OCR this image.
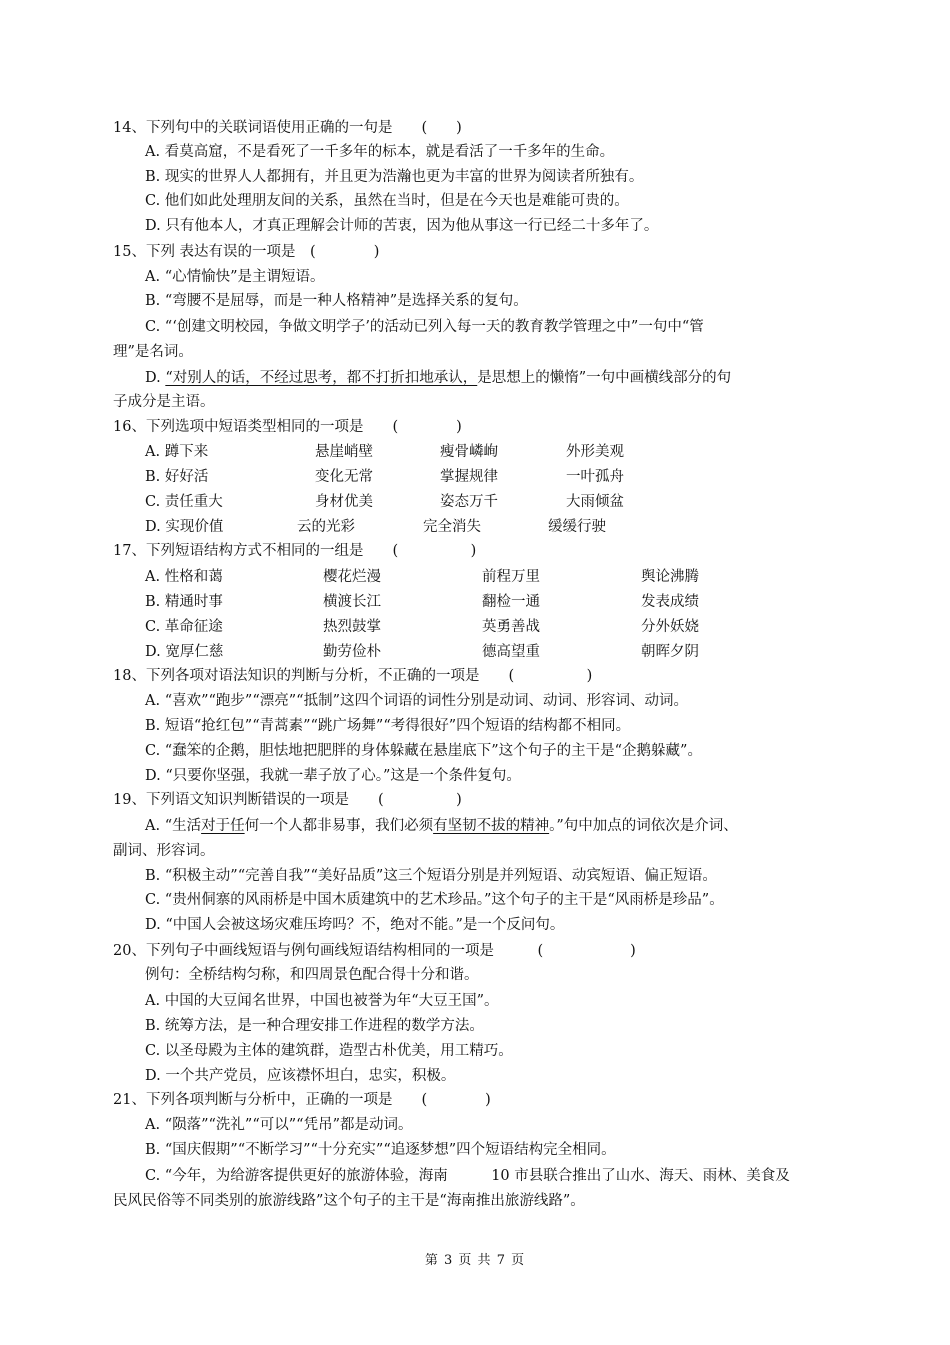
14、下列句中的关联词语使用正确的一句是　　(　　)
A. 看莫高窟，不是看死了一千多年的标本，就是看活了一千多年的生命。
B. 现实的世界人人都拥有，并且更为浩瀚也更为丰富的世界为阅读者所独有。
C. 他们如此处理朋友间的关系，虽然在当时，但是在今天也是难能可贵的。
D. 只有他本人，才真正理解会计师的苦衷，因为他从事这一行已经二十多年了。
15、下列 表达有误的一项是　(　　　　)
A. “心情愉快”是主谓短语。
B. “弯腰不是屈辱，而是一种人格精神”是选择关系的复句。
C. “‘创建文明校园，争做文明学子’的活动已列入每一天的教育教学管理之中”一句中“管
理”是名词。
D. “对别人的话，不经过思考，都不打折扣地承认，是思想上的懒惰”一句中画横线部分的句
子成分是主语。
16、下列选项中短语类型相同的一项是　　(　　　　)
A. 蹲下来	悬崖峭壁	瘦骨嶙峋	外形美观
B. 好好活	变化无常	掌握规律	一叶孤舟
C. 责任重大	身材优美	姿态万千	大雨倾盆
D. 实现价值	云的光彩	完全消失	缓缓行驶
17、下列短语结构方式不相同的一组是　　(　　　　　)
A. 性格和蔼	樱花烂漫	前程万里	舆论沸腾
B. 精通时事	横渡长江	翻检一通	发表成绩
C. 革命征途	热烈鼓掌	英勇善战	分外妖娆
D. 宽厚仁慈	勤劳俭朴	德高望重	朝晖夕阴
18、下列各项对语法知识的判断与分析，不正确的一项是　　(　　　　　)
A. “喜欢”“跑步”“漂亮”“抵制”这四个词语的词性分别是动词、动词、形容词、动词。
B. 短语“抢红包”“青蒿素”“跳广场舞”“考得很好”四个短语的结构都不相同。
C. “蠢笨的企鹅，胆怯地把肥胖的身体躲藏在悬崖底下”这个句子的主干是“企鹅躲藏”。
D. “只要你坚强，我就一辈子放了心。”这是一个条件复句。
19、下列语文知识判断错误的一项是　　(　　　　　)
A. “生活对于任何一个人都非易事，我们必须有坚韧不拔的精神。”句中加点的词依次是介词、
副词、形容词。
B. “积极主动”“完善自我”“美好品质”这三个短语分别是并列短语、动宾短语、偏正短语。
C. “贵州侗寨的风雨桥是中国木质建筑中的艺术珍品。”这个句子的主干是“风雨桥是珍品”。
D. “中国人会被这场灾难压垮吗？不，绝对不能。”是一个反问句。
20、下列句子中画线短语与例句画线短语结构相同的一项是　　　(　　　　　　)
例句：全桥结构匀称，和四周景色配合得十分和谐。
A. 中国的大豆闻名世界，中国也被誉为年“大豆王国”。
B. 统筹方法，是一种合理安排工作进程的数学方法。
C. 以圣母殿为主体的建筑群，造型古朴优美，用工精巧。
D. 一个共产党员，应该襟怀坦白，忠实，积极。
21、下列各项判断与分析中，正确的一项是　　(　　　　)
A. “陨落”“洗礼”“可以”“凭吊”都是动词。
B. “国庆假期”“不断学习”“十分充实”“追逐梦想”四个短语结构完全相同。
C. “今年，为给游客提供更好的旅游体验，海南　　　10 市县联合推出了山水、海天、雨林、美食及
民风民俗等不同类别的旅游线路”这个句子的主干是“海南推出旅游线路”。
第 3 页 共 7 页
